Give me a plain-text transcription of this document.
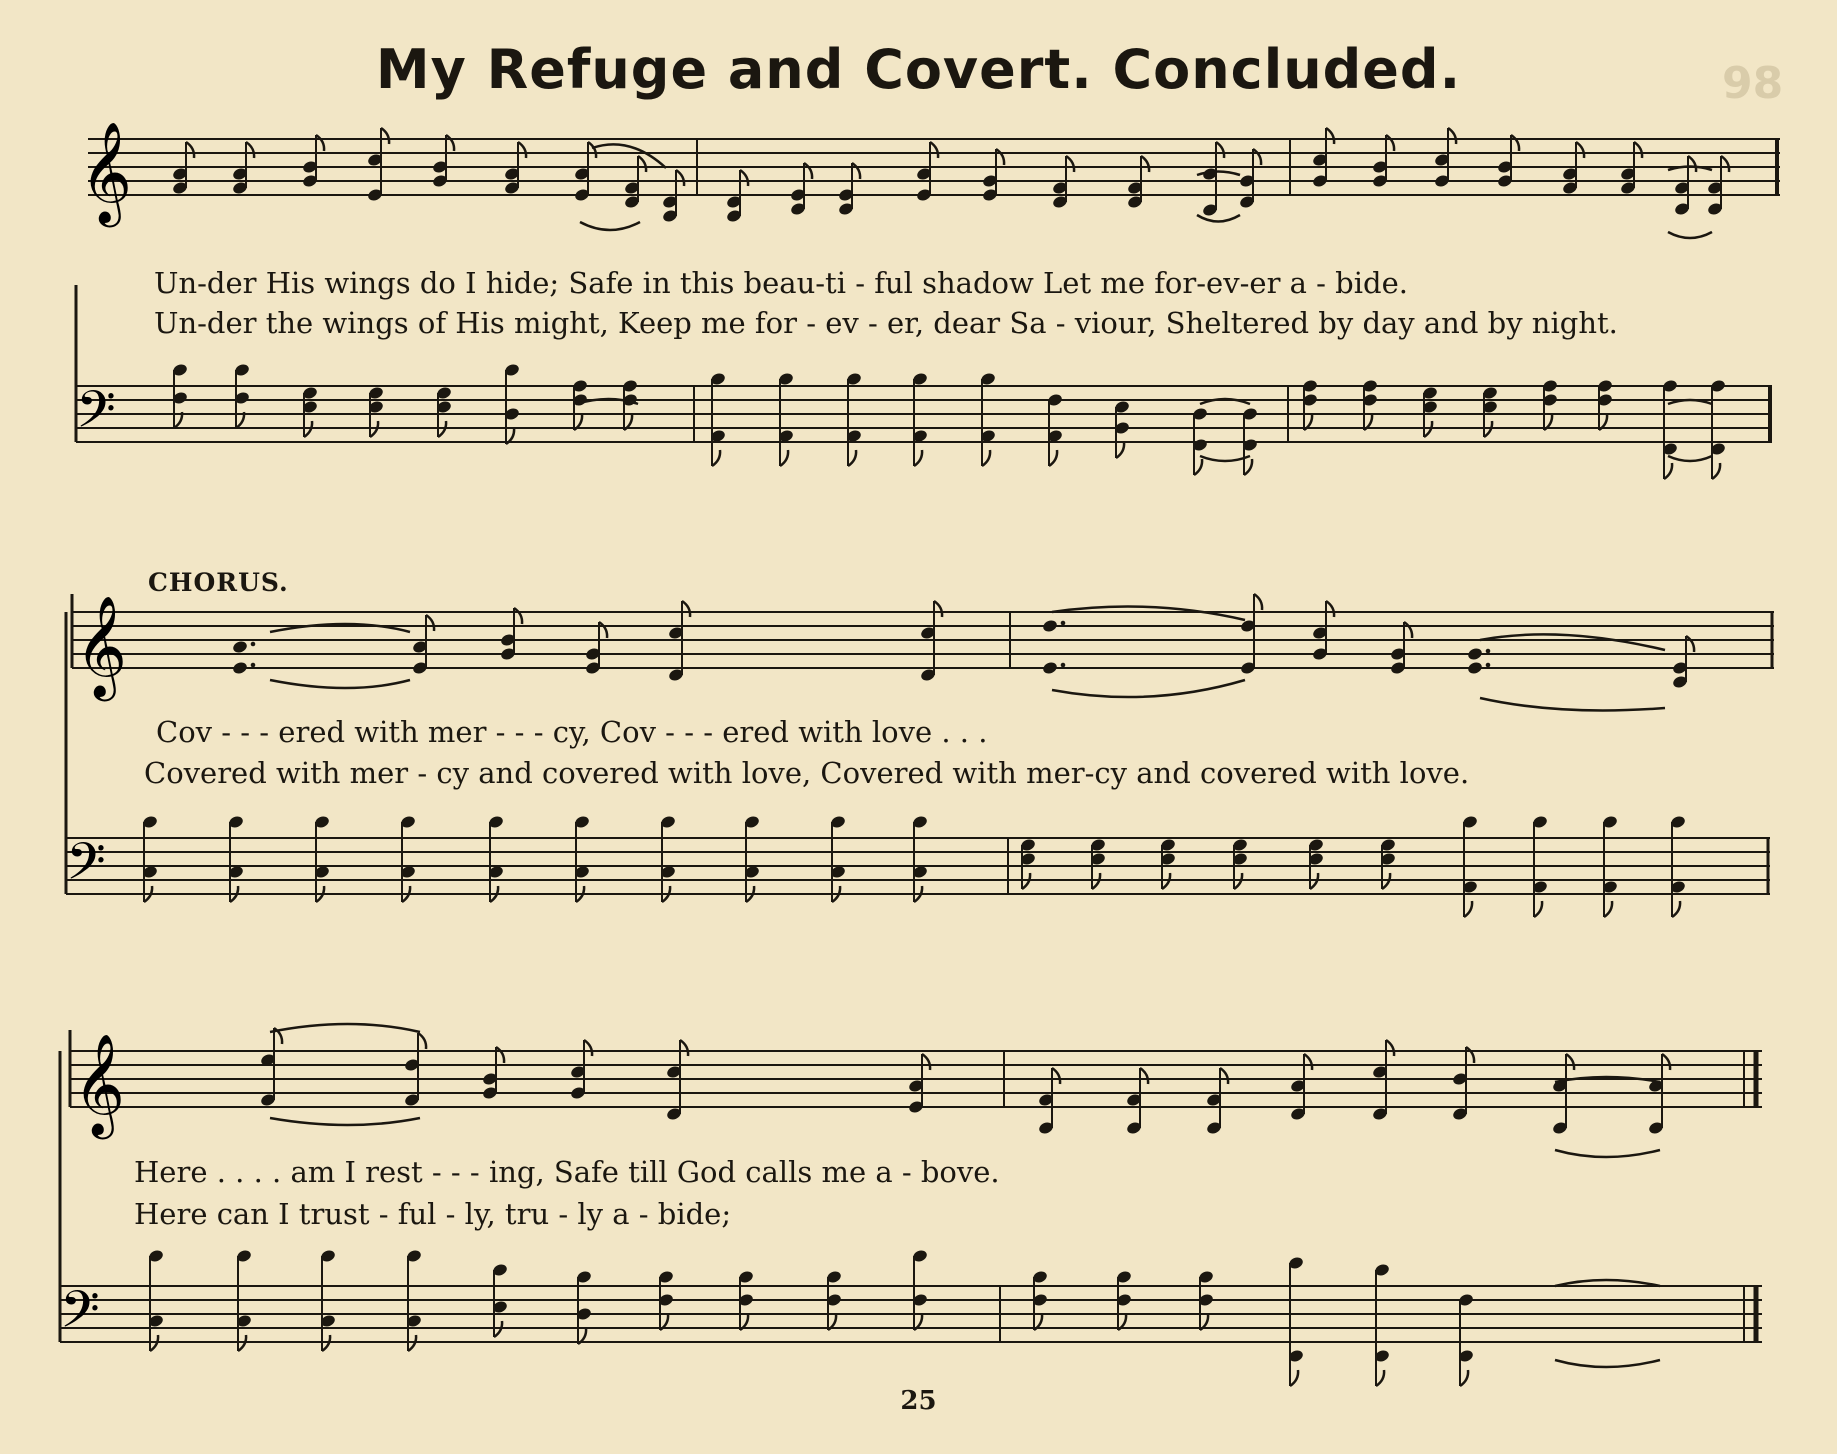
My Refuge and Covert. Concluded.	98
𝄞
𝄢
𝄞
𝄢
𝄞
𝄢
Un-der His wings do I hide; Safe in this beau-ti - ful shadow Let me for-ev-er a - bide.
Un-der the wings of His might, Keep me for - ev - er, dear Sa - viour, Sheltered by day and by night.
CHORUS.
Cov - - - ered with mer - - - cy, Cov - - - ered with love . . .
Covered with mer - cy and covered with love, Covered with mer-cy and covered with love.
Here . . . . am I rest - - - ing, Safe till God calls me a - bove.
Here can I trust - ful - ly, tru - ly a - bide;
25
